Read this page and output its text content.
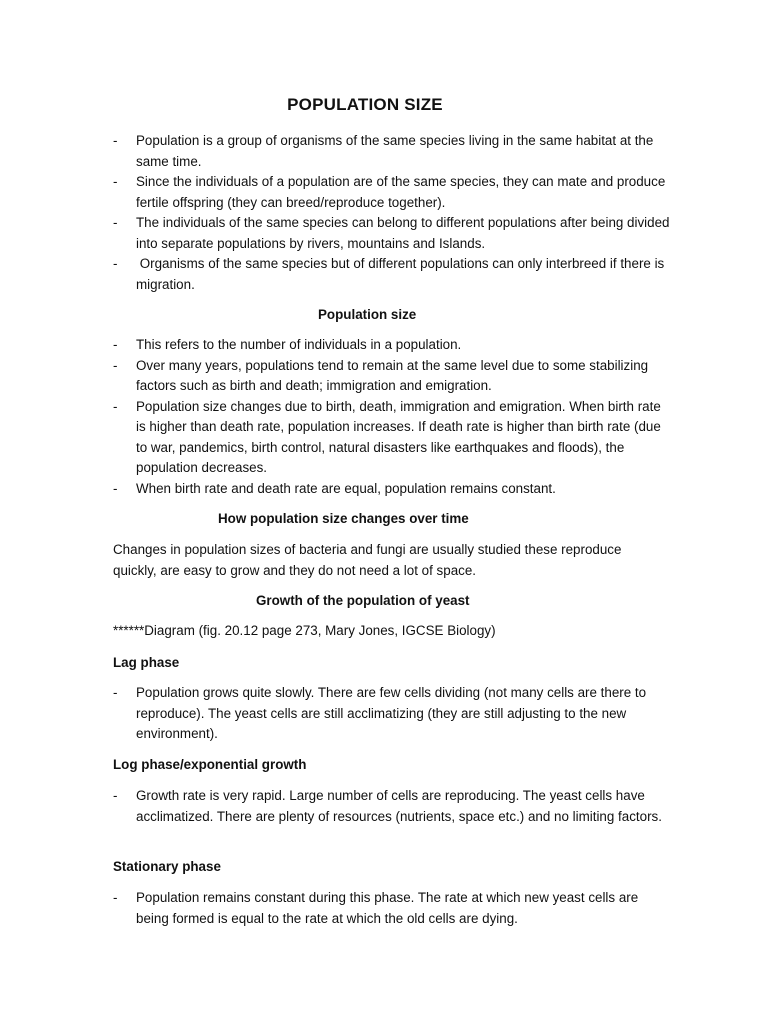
POPULATION SIZE
- Population is a group of organisms of the same species living in the same habitat at the same time.
- Since the individuals of a population are of the same species, they can mate and produce fertile offspring (they can breed/reproduce together).
- The individuals of the same species can belong to different populations after being divided into separate populations by rivers, mountains and Islands.
- Organisms of the same species but of different populations can only interbreed if there is migration.
Population size
- This refers to the number of individuals in a population.
- Over many years, populations tend to remain at the same level due to some stabilizing factors such as birth and death; immigration and emigration.
- Population size changes due to birth, death, immigration and emigration. When birth rate is higher than death rate, population increases. If death rate is higher than birth rate (due to war, pandemics, birth control, natural disasters like earthquakes and floods), the population decreases.
- When birth rate and death rate are equal, population remains constant.
How population size changes over time

Changes in population sizes of bacteria and fungi are usually studied these reproduce quickly, are easy to grow and they do not need a lot of space.

Growth of the population of yeast

******Diagram (fig. 20.12 page 273, Mary Jones, IGCSE Biology)

Lag phase
- Population grows quite slowly. There are few cells dividing (not many cells are there to reproduce). The yeast cells are still acclimatizing (they are still adjusting to the new environment).
Log phase/exponential growth
- Growth rate is very rapid. Large number of cells are reproducing. The yeast cells have acclimatized. There are plenty of resources (nutrients, space etc.) and no limiting factors.
Stationary phase
- Population remains constant during this phase. The rate at which new yeast cells are being formed is equal to the rate at which the old cells are dying.
